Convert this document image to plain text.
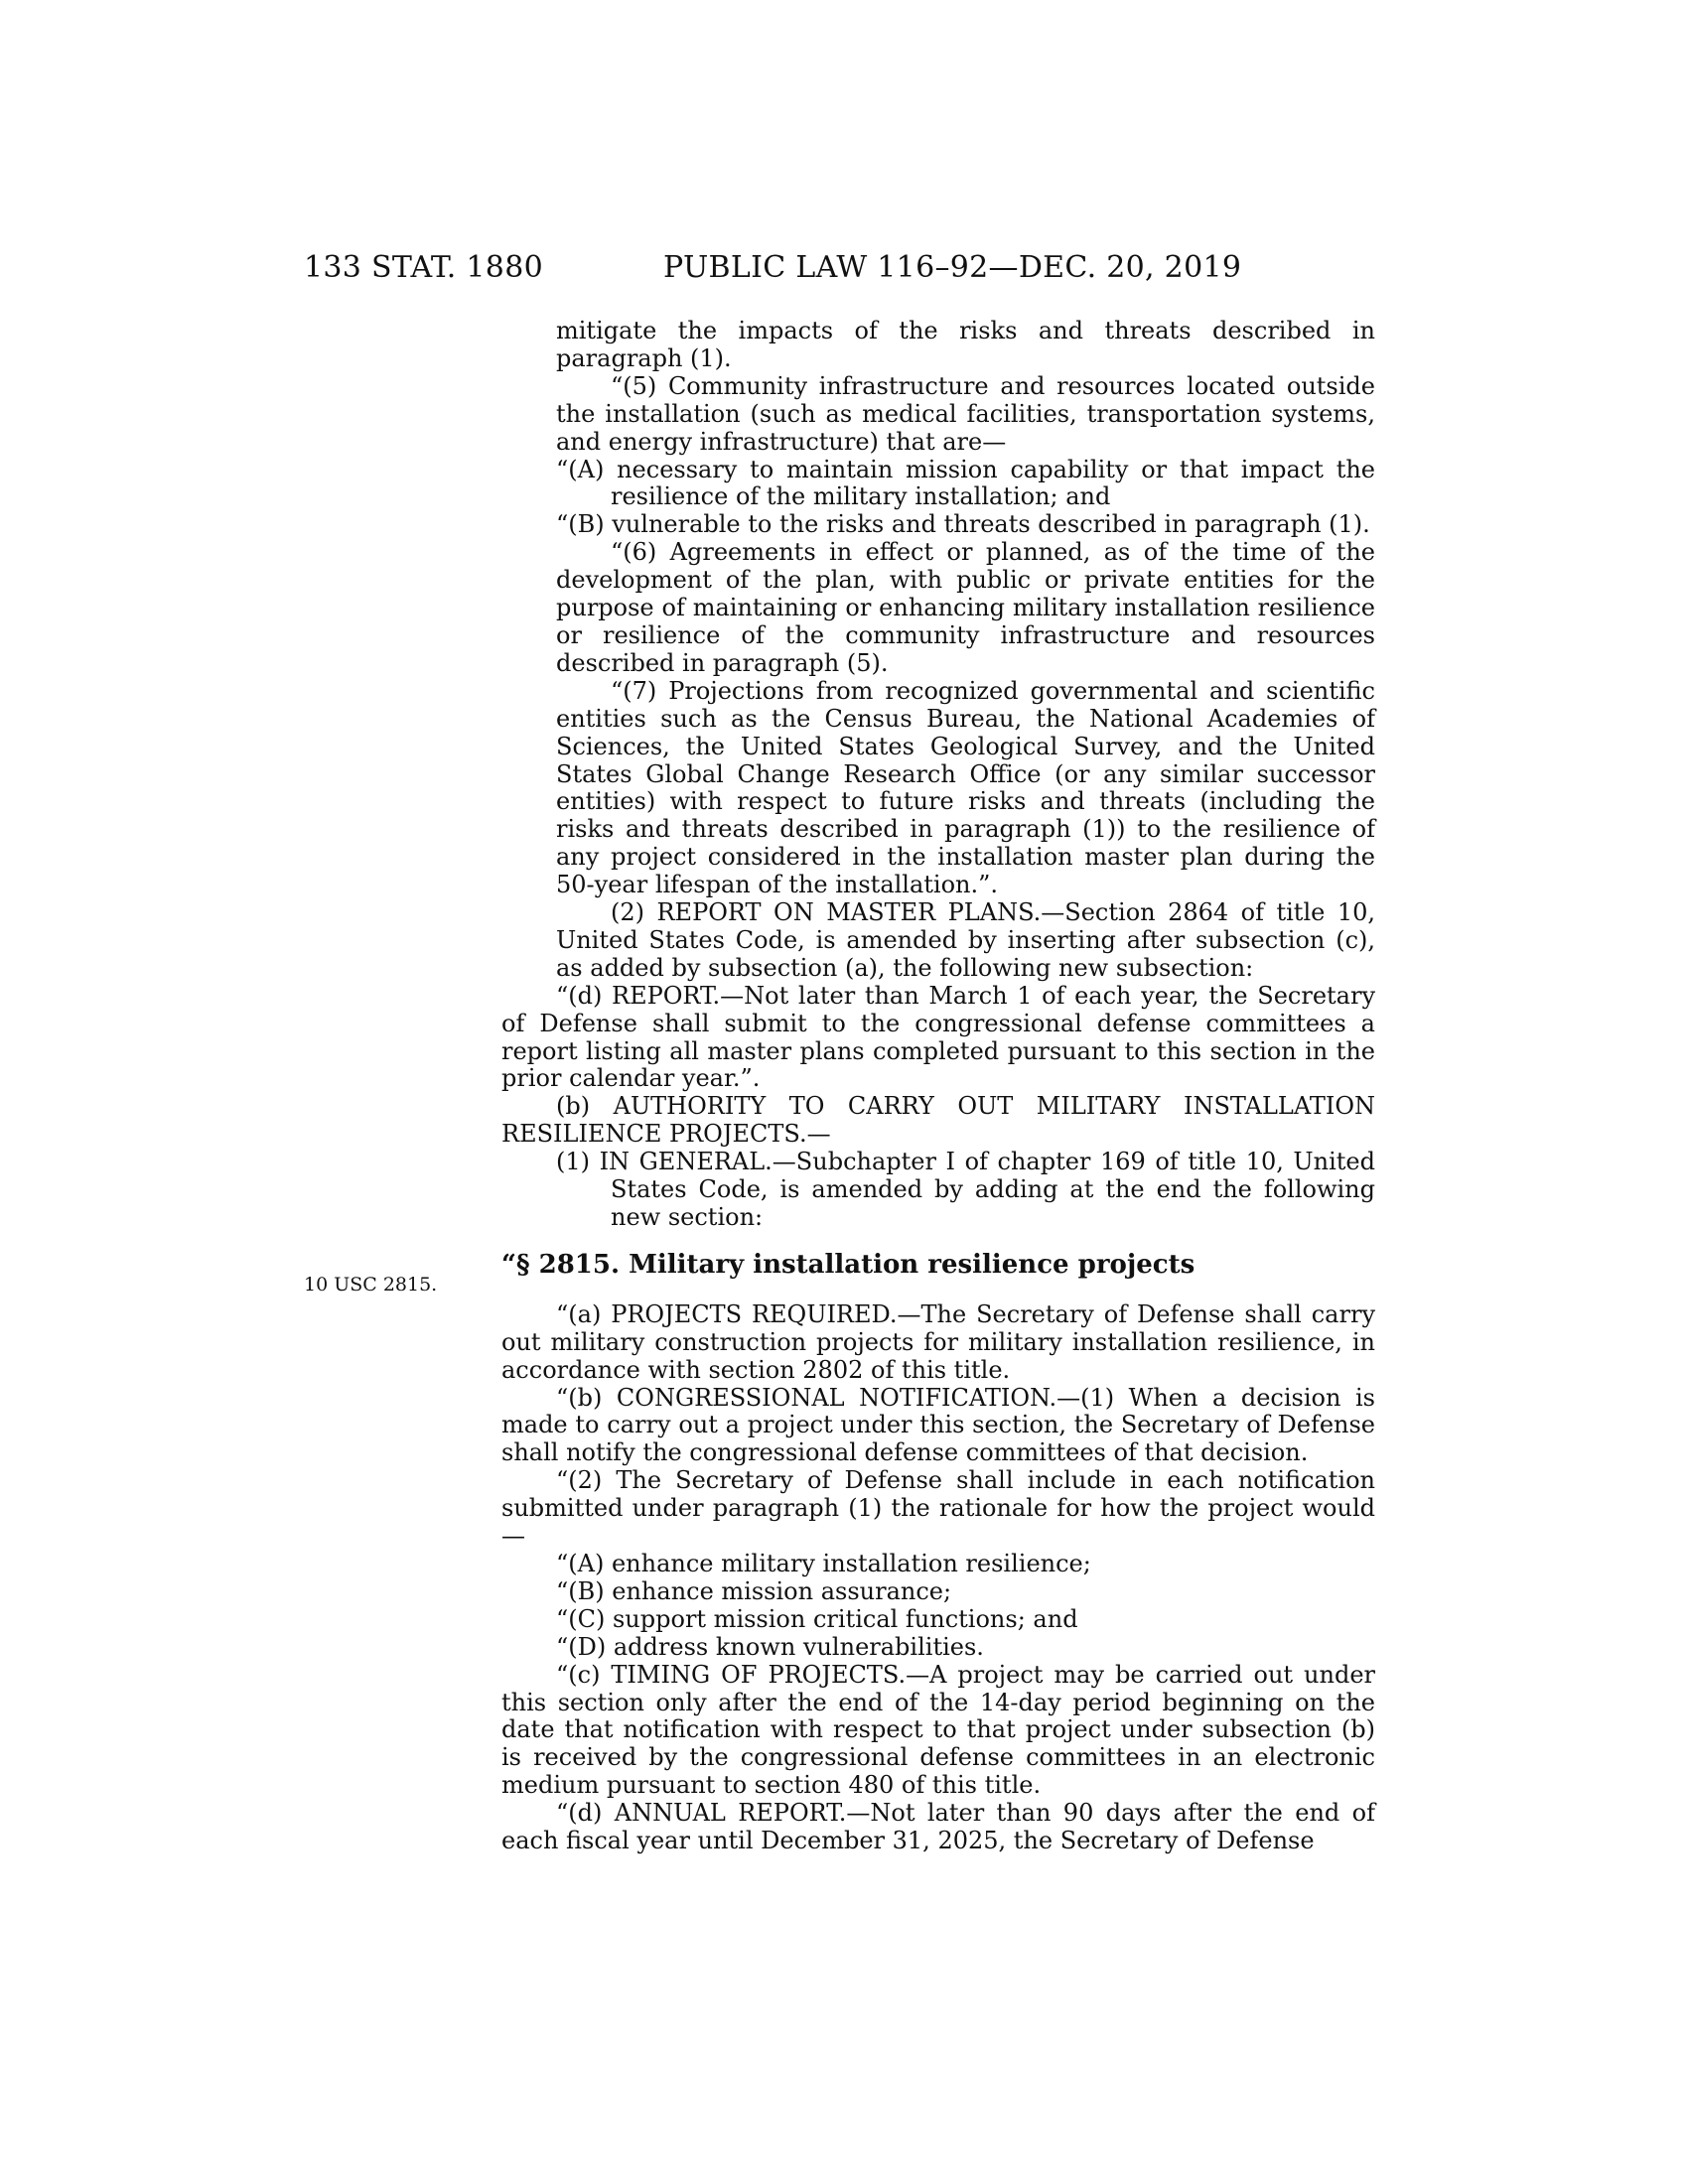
133 STAT. 1880	PUBLIC LAW 116–92—DEC. 20, 2019
10 USC 2815.

mitigate the impacts of the risks and threats described in paragraph (1).

“(5) Community infrastructure and resources located outside the installation (such as medical facilities, transportation systems, and energy infrastructure) that are—

“(A) necessary to maintain mission capability or that impact the resilience of the military installation; and

“(B) vulnerable to the risks and threats described in paragraph (1).

“(6) Agreements in effect or planned, as of the time of the development of the plan, with public or private entities for the purpose of maintaining or enhancing military installation resilience or resilience of the community infrastructure and resources described in paragraph (5).

“(7) Projections from recognized governmental and scientific entities such as the Census Bureau, the National Academies of Sciences, the United States Geological Survey, and the United States Global Change Research Office (or any similar successor entities) with respect to future risks and threats (including the risks and threats described in paragraph (1)) to the resilience of any project considered in the installation master plan during the 50-year lifespan of the installation.”.

(2) REPORT ON MASTER PLANS.—Section 2864 of title 10, United States Code, is amended by inserting after subsection (c), as added by subsection (a), the following new subsection:

“(d) REPORT.—Not later than March 1 of each year, the Secretary of Defense shall submit to the congressional defense committees a report listing all master plans completed pursuant to this section in the prior calendar year.”.

(b) AUTHORITY TO CARRY OUT MILITARY INSTALLATION RESILIENCE PROJECTS.—

(1) IN GENERAL.—Subchapter I of chapter 169 of title 10, United States Code, is amended by adding at the end the following new section:

“§ 2815. Military installation resilience projects

“(a) PROJECTS REQUIRED.—The Secretary of Defense shall carry out military construction projects for military installation resilience, in accordance with section 2802 of this title.

“(b) CONGRESSIONAL NOTIFICATION.—(1) When a decision is made to carry out a project under this section, the Secretary of Defense shall notify the congressional defense committees of that decision.

“(2) The Secretary of Defense shall include in each notification submitted under paragraph (1) the rationale for how the project would—

“(A) enhance military installation resilience;

“(B) enhance mission assurance;

“(C) support mission critical functions; and

“(D) address known vulnerabilities.

“(c) TIMING OF PROJECTS.—A project may be carried out under this section only after the end of the 14-day period beginning on the date that notification with respect to that project under subsection (b) is received by the congressional defense committees in an electronic medium pursuant to section 480 of this title.

“(d) ANNUAL REPORT.—Not later than 90 days after the end of each fiscal year until December 31, 2025, the Secretary of Defense
